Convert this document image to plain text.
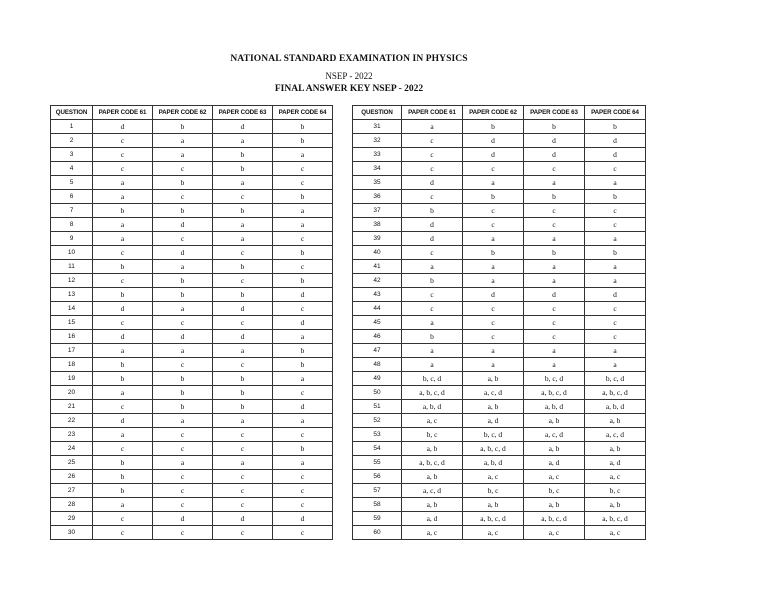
NATIONAL STANDARD EXAMINATION IN PHYSICS
NSEP - 2022
FINAL ANSWER KEY NSEP - 2022
QUESTION	PAPER CODE 61	PAPER CODE 62	PAPER CODE 63	PAPER CODE 64
1	d	b	d	b
2	c	a	a	b
3	c	a	b	a
4	c	c	b	c
5	a	b	a	c
6	a	c	c	b
7	b	b	b	a
8	a	d	a	a
9	a	c	a	c
10	c	d	c	b
11	b	a	b	c
12	c	b	c	b
13	b	b	b	d
14	d	a	d	c
15	c	c	c	d
16	d	d	d	a
17	a	a	a	b
18	b	c	c	b
19	b	b	b	a
20	a	b	b	c
21	c	b	b	d
22	d	a	a	a
23	a	c	c	c
24	c	c	c	b
25	b	a	a	a
26	b	c	c	c
27	b	c	c	c
28	a	c	c	c
29	c	d	d	d
30	c	c	c	c
QUESTION	PAPER CODE 61	PAPER CODE 62	PAPER CODE 63	PAPER CODE 64
31	a	b	b	b
32	c	d	d	d
33	c	d	d	d
34	c	c	c	c
35	d	a	a	a
36	c	b	b	b
37	b	c	c	c
38	d	c	c	c
39	d	a	a	a
40	c	b	b	b
41	a	a	a	a
42	b	a	a	a
43	c	d	d	d
44	c	c	c	c
45	a	c	c	c
46	b	c	c	c
47	a	a	a	a
48	a	a	a	a
49	b, c, d	a, b	b, c, d	b, c, d
50	a, b, c, d	a, c, d	a, b, c, d	a, b, c, d
51	a, b, d	a, b	a, b, d	a, b, d
52	a, c	a, d	a, b	a, b
53	b, c	b, c, d	a, c, d	a, c, d
54	a, b	a, b, c, d	a, b	a, b
55	a, b, c, d	a, b, d	a, d	a, d
56	a, b	a, c	a, c	a, c
57	a, c, d	b, c	b, c	b, c
58	a, b	a, b	a, b	a, b
59	a, d	a, b, c, d	a, b, c, d	a, b, c, d
60	a, c	a, c	a, c	a, c
